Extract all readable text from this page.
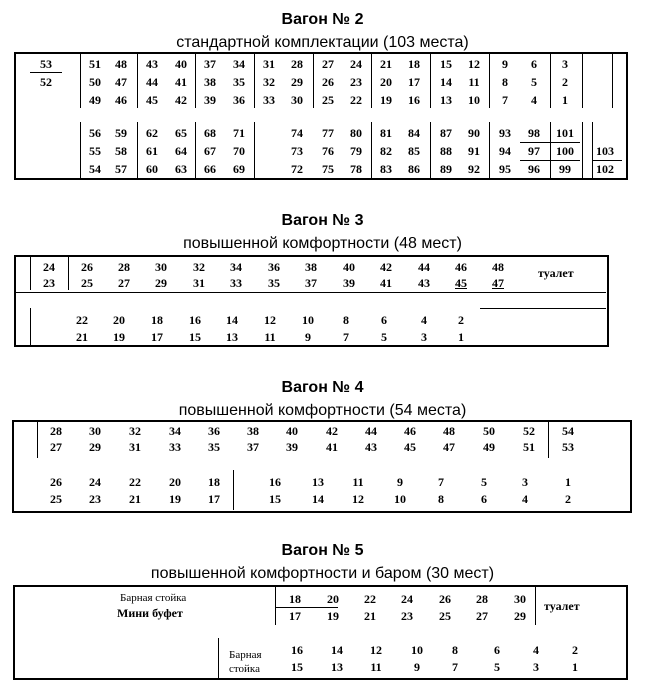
Вагон № 2
стандартной комплектации (103 места)
53	51	48	43	40	37	34	31	28	27	24	21	18	15	12	9	6	3
52	50	47	44	41	38	35	32	29	26	23	20	17	14	11	8	5	2
49	46	45	42	39	36	33	30	25	22	19	16	13	10	7	4	1
56	59	62	65	68	71	74	77	80	81	84	87	90	93	98	101
55	58	61	64	67	70	73	76	79	82	85	88	91	94	97	100	103
54	57	60	63	66	69	72	75	78	83	86	89	92	95	96	99	102
Вагон № 3
повышенной комфортности (48 мест)
24	26	28	30	32	34	36	38	40	42	44	46	48
23	25	27	29	31	33	35	37	39	41	43	45	47
22	20	18	16	14	12	10	8	6	4	2
21	19	17	15	13	11	9	7	5	3	1
туалет
Вагон № 4
повышенной комфортности (54 места)
28	30	32	34	36	38	40	42	44	46	48	50	52	54
27	29	31	33	35	37	39	41	43	45	47	49	51	53
26	24	22	20	18	16	13	11	9	7	5	3	1
25	23	21	19	17	15	14	12	10	8	6	4	2
Вагон № 5
повышенной комфортности и баром (30 мест)
18	20	22	24	26	28	30
17	19	21	23	25	27	29
16	14	12	10	8	6	4	2
15	13	11	9	7	5	3	1
Барная стойка
Мини буфет
Барная
стойка
туалет
